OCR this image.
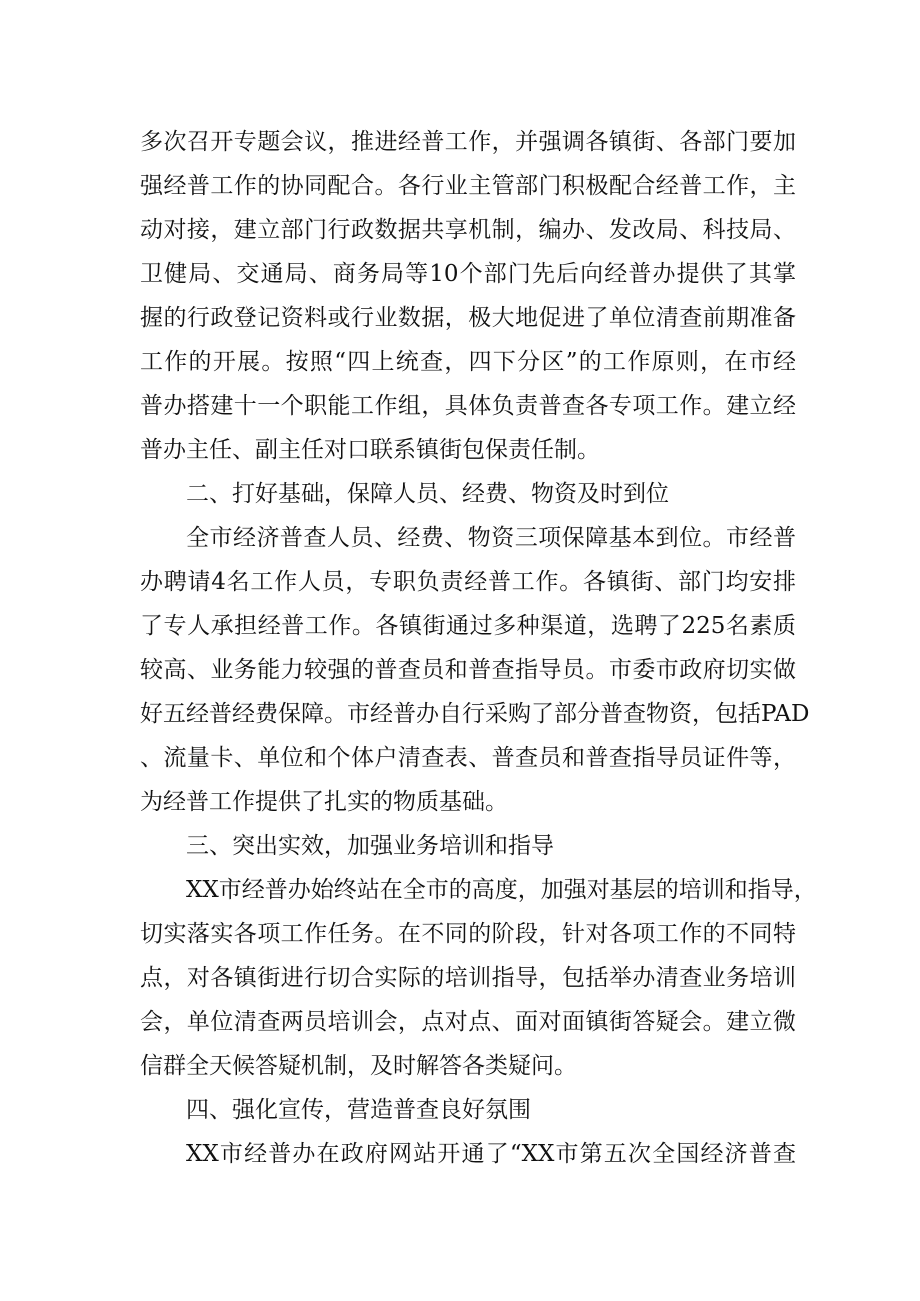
多次召开专题会议，推进经普工作，并强调各镇街、各部门要加
强经普工作的协同配合。各行业主管部门积极配合经普工作，主
动对接，建立部门行政数据共享机制，编办、发改局、科技局、
卫健局、交通局、商务局等10个部门先后向经普办提供了其掌
握的行政登记资料或行业数据，极大地促进了单位清查前期准备
工作的开展。按照“四上统查，四下分区”的工作原则，在市经
普办搭建十一个职能工作组，具体负责普查各专项工作。建立经
普办主任、副主任对口联系镇街包保责任制。
二、打好基础，保障人员、经费、物资及时到位
全市经济普查人员、经费、物资三项保障基本到位。市经普
办聘请4名工作人员，专职负责经普工作。各镇街、部门均安排
了专人承担经普工作。各镇街通过多种渠道，选聘了225名素质
较高、业务能力较强的普查员和普查指导员。市委市政府切实做
好五经普经费保障。市经普办自行采购了部分普查物资，包括PAD
、流量卡、单位和个体户清查表、普查员和普查指导员证件等，
为经普工作提供了扎实的物质基础。
三、突出实效，加强业务培训和指导
XX市经普办始终站在全市的高度，加强对基层的培训和指导，
切实落实各项工作任务。在不同的阶段，针对各项工作的不同特
点，对各镇街进行切合实际的培训指导，包括举办清查业务培训
会，单位清查两员培训会，点对点、面对面镇街答疑会。建立微
信群全天候答疑机制，及时解答各类疑问。
四、强化宣传，营造普查良好氛围
XX市经普办在政府网站开通了“XX市第五次全国经济普查
